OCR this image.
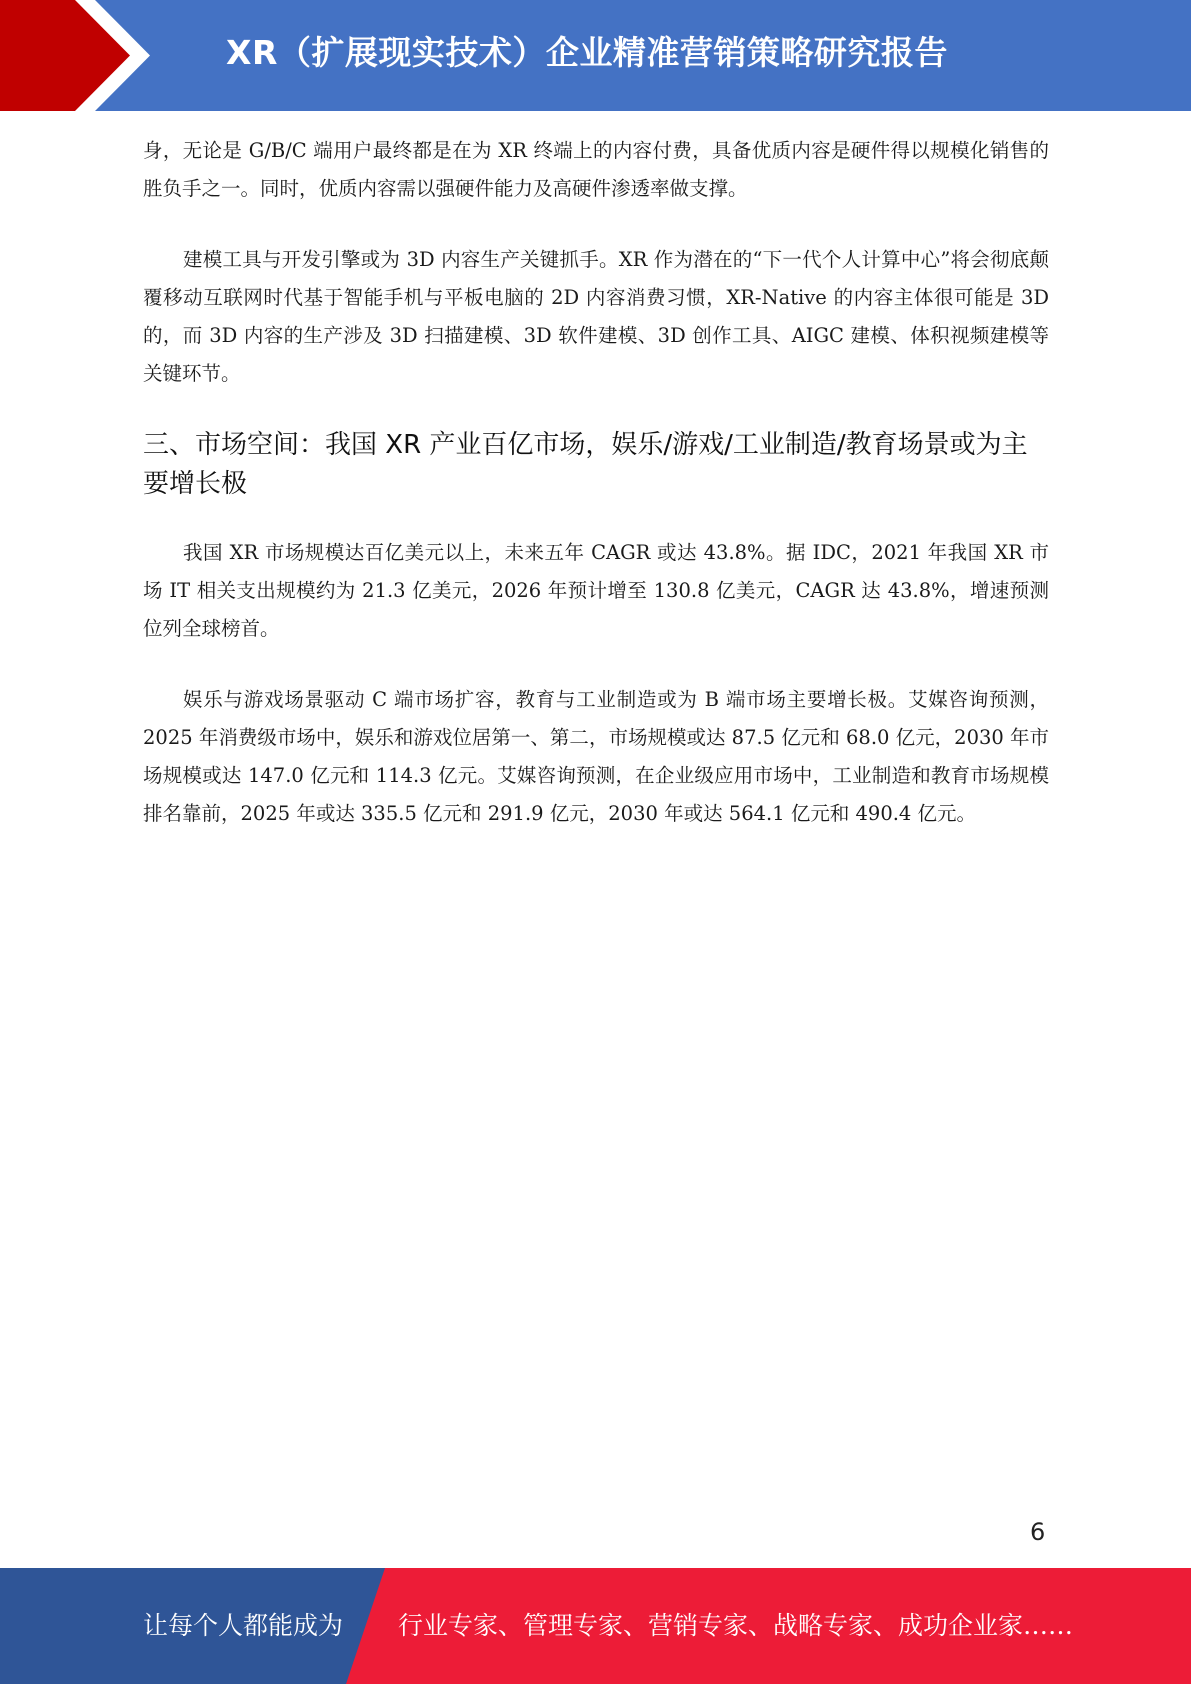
XR（扩展现实技术）企业精准营销策略研究报告

身，无论是 G/B/C 端用户最终都是在为 XR 终端上的内容付费，具备优质内容是硬件得以规模化销售的胜负手之一。同时，优质内容需以强硬件能力及高硬件渗透率做支撑。

建模工具与开发引擎或为 3D 内容生产关键抓手。XR 作为潜在的“下一代个人计算中心”将会彻底颠覆移动互联网时代基于智能手机与平板电脑的 2D 内容消费习惯，XR-Native 的内容主体很可能是 3D 的，而 3D 内容的生产涉及 3D 扫描建模、3D 软件建模、3D 创作工具、AIGC 建模、体积视频建模等关键环节。

三、市场空间：我国 XR 产业百亿市场，娱乐/游戏/工业制造/教育场景或为主要增长极

我国 XR 市场规模达百亿美元以上，未来五年 CAGR 或达 43.8%。据 IDC，2021 年我国 XR 市场 IT 相关支出规模约为 21.3 亿美元，2026 年预计增至 130.8 亿美元，CAGR 达 43.8%，增速预测位列全球榜首。

娱乐与游戏场景驱动 C 端市场扩容，教育与工业制造或为 B 端市场主要增长极。艾媒咨询预测，2025 年消费级市场中，娱乐和游戏位居第一、第二，市场规模或达 87.5 亿元和 68.0 亿元，2030 年市场规模或达 147.0 亿元和 114.3 亿元。艾媒咨询预测，在企业级应用市场中，工业制造和教育市场规模排名靠前，2025 年或达 335.5 亿元和 291.9 亿元，2030 年或达 564.1 亿元和 490.4 亿元。

6
让每个人都能成为 行业专家、管理专家、营销专家、战略专家、成功企业家……
